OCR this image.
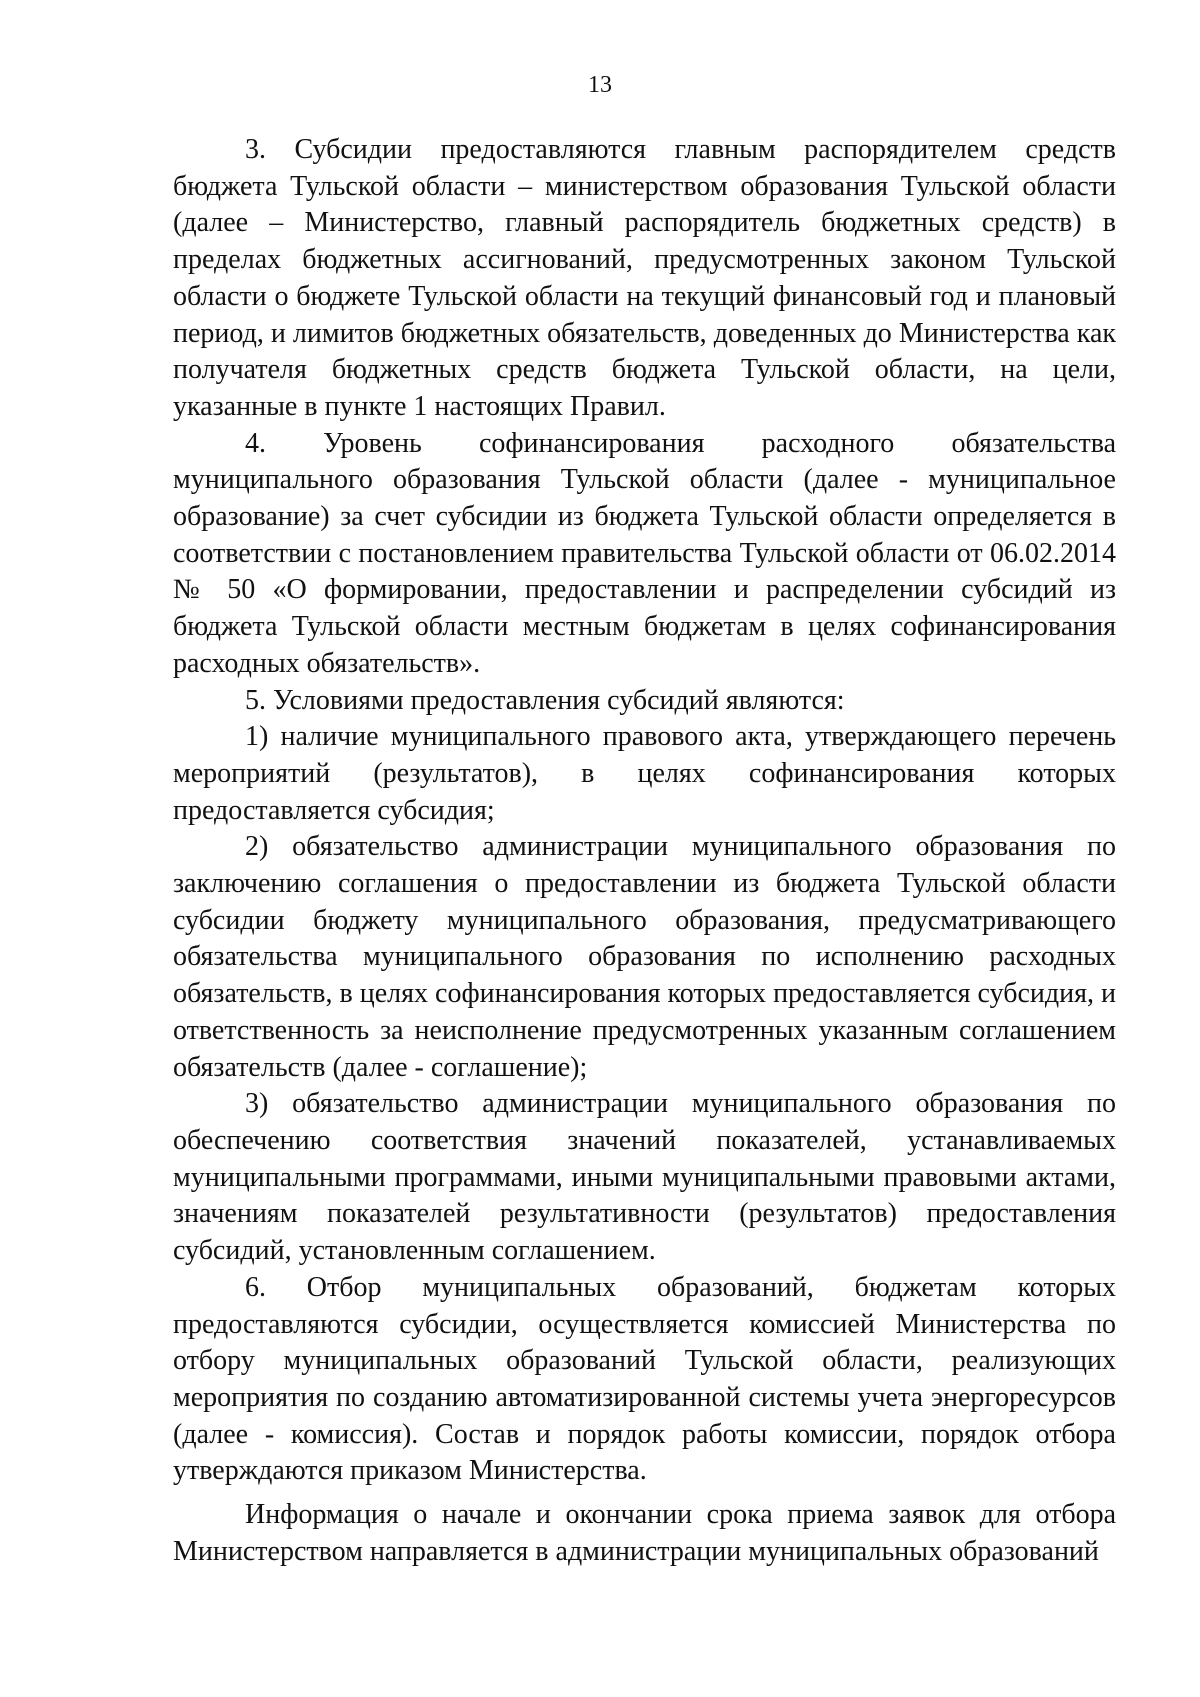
13

3. Субсидии предоставляются главным распорядителем средств бюджета Тульской области – министерством образования Тульской области (далее – Министерство, главный распорядитель бюджетных средств) в пределах бюджетных ассигнований, предусмотренных законом Тульской области о бюджете Тульской области на текущий финансовый год и плановый период, и лимитов бюджетных обязательств, доведенных до Министерства как получателя бюджетных средств бюджета Тульской области, на цели, указанные в пункте 1 настоящих Правил.

4. Уровень софинансирования расходного обязательства муниципального образования Тульской области (далее - муниципальное образование) за счет субсидии из бюджета Тульской области определяется в соответствии с постановлением правительства Тульской области от 06.02.2014 № 50 «О формировании, предоставлении и распределении субсидий из бюджета Тульской области местным бюджетам в целях софинансирования расходных обязательств».

5. Условиями предоставления субсидий являются:

1) наличие муниципального правового акта, утверждающего перечень мероприятий (результатов), в целях софинансирования которых предоставляется субсидия;

2) обязательство администрации муниципального образования по заключению соглашения о предоставлении из бюджета Тульской области субсидии бюджету муниципального образования, предусматривающего обязательства муниципального образования по исполнению расходных обязательств, в целях софинансирования которых предоставляется субсидия, и ответственность за неисполнение предусмотренных указанным соглашением обязательств (далее - соглашение);

3) обязательство администрации муниципального образования по обеспечению соответствия значений показателей, устанавливаемых муниципальными программами, иными муниципальными правовыми актами, значениям показателей результативности (результатов) предоставления субсидий, установленным соглашением.

6. Отбор муниципальных образований, бюджетам которых предоставляются субсидии, осуществляется комиссией Министерства по отбору муниципальных образований Тульской области, реализующих мероприятия по созданию автоматизированной системы учета энергоресурсов (далее - комиссия). Состав и порядок работы комиссии, порядок отбора утверждаются приказом Министерства.

Информация о начале и окончании срока приема заявок для отбора Министерством направляется в администрации муниципальных образований
